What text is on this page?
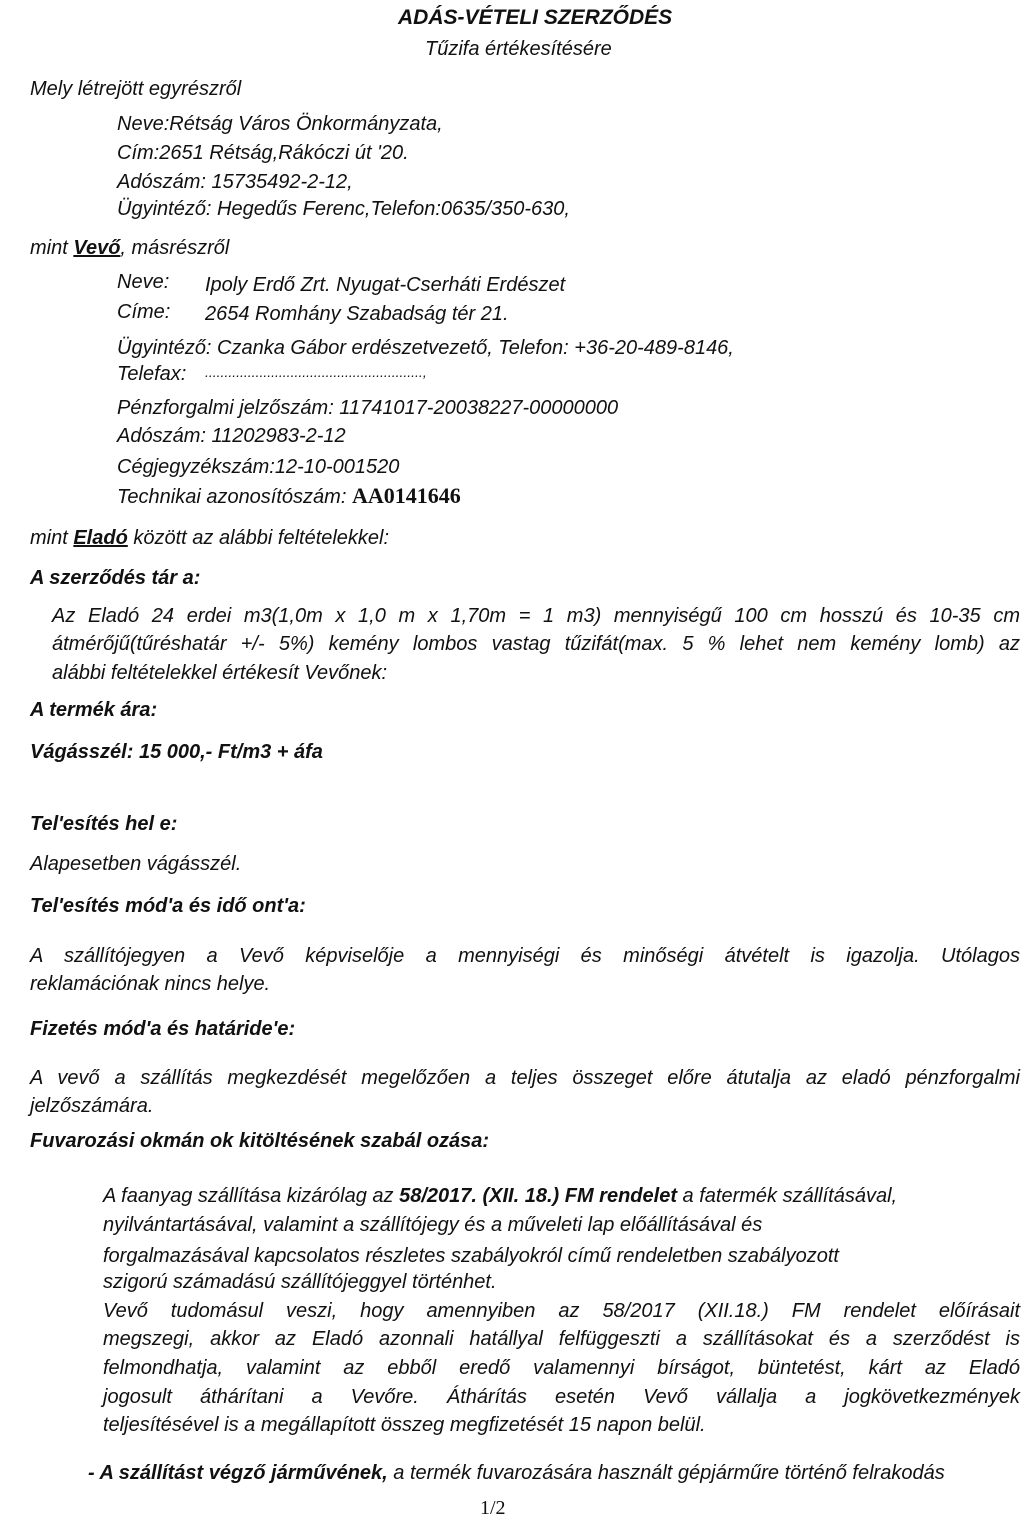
ADÁS-VÉTELI SZERZŐDÉS
Tűzifa értékesítésére
Mely létrejött egyrészről
Neve:Rétság Város Önkormányzata,
Cím:2651 Rétság,Rákóczi út '20.
Adószám: 15735492-2-12,
Ügyintéző: Hegedűs Ferenc,Telefon:0635/350-630,
mint Vevő, másrészről
Neve: Ipoly Erdő Zrt. Nyugat-Cserháti Erdészet
Címe: 2654 Romhány Szabadság tér 21.
Ügyintéző: Czanka Gábor erdészetvezető, Telefon: +36-20-489-8146,
Telefax: ........................................................,
Pénzforgalmi jelzőszám: 11741017-20038227-00000000
Adószám: 11202983-2-12
Cégjegyzékszám:12-10-001520
Technikai azonosítószám: AA0141646
mint Eladó között az alábbi feltételekkel:
A szerződés tár a:
Az Eladó 24 erdei m3(1,0m x 1,0 m x 1,70m = 1 m3) mennyiségű 100 cm hosszú és 10-35 cm
átmérőjű(tűréshatár +/- 5%) kemény lombos vastag tűzifát(max. 5 % lehet nem kemény lomb) az
alábbi feltételekkel értékesít Vevőnek:
A termék ára:
Vágásszél: 15 000,- Ft/m3 + áfa
Tel'esítés hel e:
Alapesetben vágásszél.
Tel'esítés mód'a és idő ont'a:
A szállítójegyen a Vevő képviselője a mennyiségi és minőségi átvételt is igazolja. Utólagos
reklamációnak nincs helye.
Fizetés mód'a és határide'e:
A vevő a szállítás megkezdését megelőzően a teljes összeget előre átutalja az eladó pénzforgalmi
jelzőszámára.
Fuvarozási okmán ok kitöltésének szabál ozása:
A faanyag szállítása kizárólag az 58/2017. (XII. 18.) FM rendelet a fatermék szállításával,
nyilvántartásával, valamint a szállítójegy és a műveleti lap előállításával és
forgalmazásával kapcsolatos részletes szabályokról című rendeletben szabályozott
szigorú számadású szállítójeggyel történhet.
Vevő tudomásul veszi, hogy amennyiben az 58/2017 (XII.18.) FM rendelet előírásait
megszegi, akkor az Eladó azonnali hatállyal felfüggeszti a szállításokat és a szerződést is
felmondhatja, valamint az ebből eredő valamennyi bírságot, büntetést, kárt az Eladó
jogosult áthárítani a Vevőre. Áthárítás esetén Vevő vállalja a jogkövetkezmények
teljesítésével is a megállapított összeg megfizetését 15 napon belül.
- A szállítást végző járművének, a termék fuvarozására használt gépjárműre történő felrakodás
1/2
